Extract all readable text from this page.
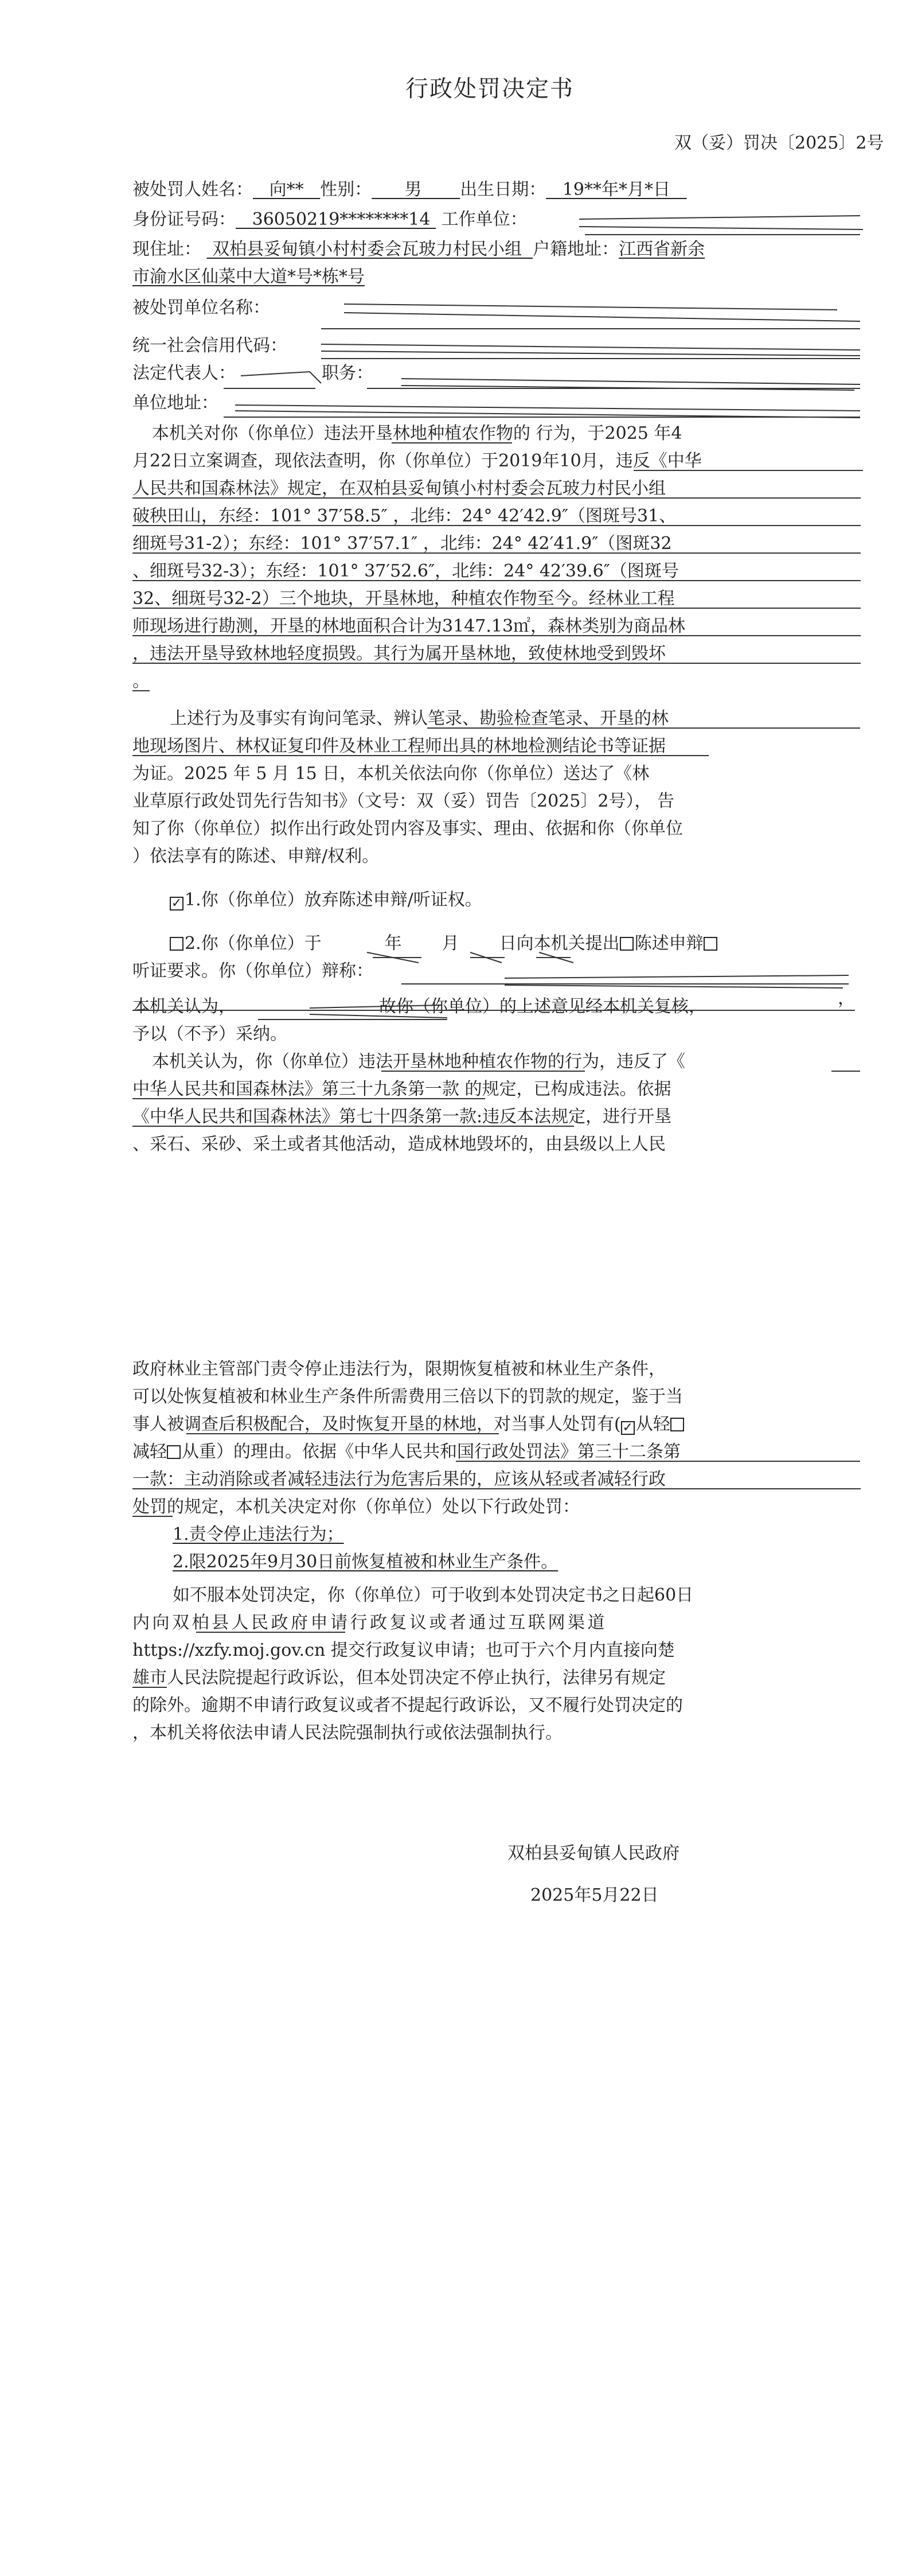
行政处罚决定书
双（妥）罚决〔2025〕2号
被处罚人姓名： 向** 性别： 男 出生日期： 19**年*月*日
身份证号码： 36050219********14 工作单位：
现住址： 双柏县妥甸镇小村村委会瓦玻力村民小组 户籍地址：江西省新余
市渝水区仙菜中大道*号*栋*号
被处罚单位名称：
统一社会信用代码：
法定代表人：	职务：
单位地址：
本机关对你（你单位）违法开垦林地种植农作物的 行为，于2025 年4
月22日立案调查，现依法查明，你（你单位）于2019年10月，违反《中华
人民共和国森林法》规定，在双柏县妥甸镇小村村委会瓦玻力村民小组
破秧田山，东经：101° 37′58.5″ ，北纬：24° 42′42.9″（图斑号31、
细斑号31-2）；东经：101° 37′57.1″ ，北纬：24° 42′41.9″（图斑32
、细斑号32-3）；东经：101° 37′52.6″，北纬：24° 42′39.6″（图斑号
32、细斑号32-2）三个地块，开垦林地，种植农作物至今。经林业工程
师现场进行勘测，开垦的林地面积合计为3147.13㎡，森林类别为商品林
，违法开垦导致林地轻度损毁。其行为属开垦林地，致使林地受到毁坏
。
上述行为及事实有询问笔录、辨认笔录、勘验检查笔录、开垦的林
地现场图片、林权证复印件及林业工程师出具的林地检测结论书等证据
为证。2025 年 5 月 15 日，本机关依法向你（你单位）送达了《林
业草原行政处罚先行告知书》（文号：双（妥）罚告〔2025〕2号）， 告
知了你（你单位）拟作出行政处罚内容及事实、理由、依据和你（你单位
）依法享有的陈述、申辩/权利。
✓ 1.你（你单位）放弃陈述申辩/听证权。
2.你（你单位）于	年 月 日向本机关提出 陈述申辩
听证要求。你（你单位）辩称：
，
本机关认为，	故你（你单位）的上述意见经本机关复核，
予以（不予）采纳。
本机关认为，你（你单位）违法开垦林地种植农作物的行为，违反了《
中华人民共和国森林法》第三十九条第一款 的规定，已构成违法。依据
《中华人民共和国森林法》第七十四条第一款:违反本法规定，进行开垦
、采石、采砂、采土或者其他活动，造成林地毁坏的，由县级以上人民
政府林业主管部门责令停止违法行为，限期恢复植被和林业生产条件，
可以处恢复植被和林业生产条件所需费用三倍以下的罚款的规定，鉴于当
事人被调查后积极配合，及时恢复开垦的林地，对当事人处罚有( ✓ 从轻
减轻 从重）的理由。依据《中华人民共和国行政处罚法》第三十二条第
一款：主动消除或者减轻违法行为危害后果的，应该从轻或者减轻行政
处罚的规定，本机关决定对你（你单位）处以下行政处罚：
1.责令停止违法行为；
2.限2025年9月30日前恢复植被和林业生产条件。
如不服本处罚决定，你（你单位）可于收到本处罚决定书之日起60日
内向双柏县人民政府申请行政复议或者通过互联网渠道
https://xzfy.moj.gov.cn 提交行政复议申请；也可于六个月内直接向楚
雄市人民法院提起行政诉讼，但本处罚决定不停止执行，法律另有规定
的除外。逾期不申请行政复议或者不提起行政诉讼，又不履行处罚决定的
，本机关将依法申请人民法院强制执行或依法强制执行。
双柏县妥甸镇人民政府
2025年5月22日
